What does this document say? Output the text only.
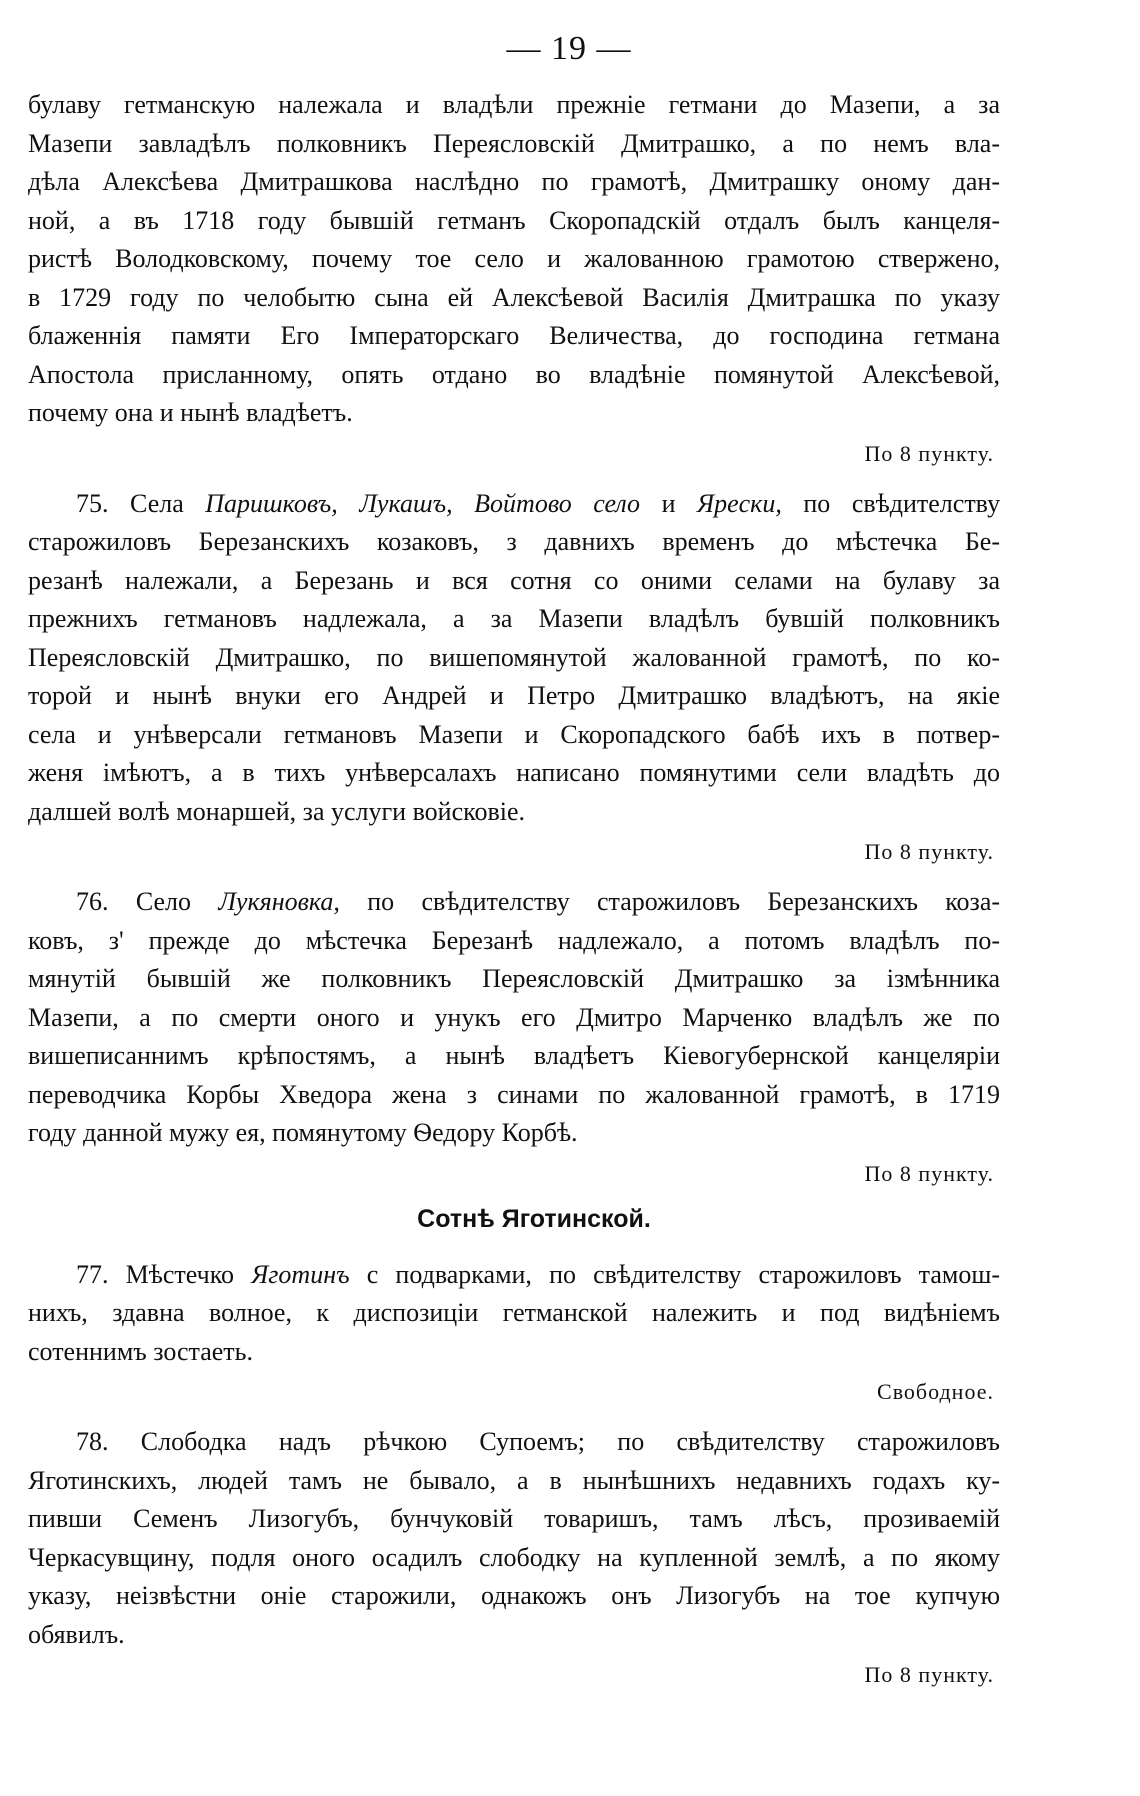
— 19 —
булаву гетманскую належала и владѣли прежніе гетмани до Мазепи, а за
Мазепи завладѣлъ полковникъ Переясловскій Дмитрашко, а по немъ вла-
дѣла Алексѣева Дмитрашкова наслѣдно по грамотѣ, Дмитрашку оному дан-
ной, а въ 1718 году бывшій гетманъ Скоропадскій отдалъ былъ канцеля-
ристѣ Володковскому, почему тое село и жалованною грамотою стверженo,
в 1729 году по челобытю сына ей Алексѣевой Василія Дмитрашка по указу
блаженнія памяти Его Імператорскаго Величества, до господина гетмана
Апостола присланному, опять отдано во владѣніе помянутой Алексѣевой,
почему она и нынѣ владѣетъ.
По 8 пункту.
75. Села Паришковъ, Лукашъ, Войтово село и Яреcки, по свѣдителству
старожиловъ Березанскихъ козаковъ, з давнихъ временъ до мѣстечка Бе-
резанѣ належали, а Березань и вся сотня со оними селами на булаву за
прежнихъ гетмановъ надлежала, а за Мазепи владѣлъ бувшій полковникъ
Переясловскій Дмитрашко, по вишепомянутой жалованной грамотѣ, по ко-
торой и нынѣ внуки его Андрей и Петро Дмитрашко владѣютъ, на якіе
села и унѣверсали гетмановъ Мазепи и Скоропадского бабѣ ихъ в потвер-
женя імѣютъ, а в тихъ унѣверсалахъ написано помянутими сели владѣть до
далшей волѣ монаршей, за услуги войсковіе.
По 8 пункту.
76. Село Лукяновка, по свѣдителству старожиловъ Березанскихъ коза-
ковъ, з' прежде до мѣстечка Березанѣ надлежало, а потомъ владѣлъ по-
мянутій бывшій же полковникъ Переясловскій Дмитрашко за ізмѣнника
Мазепи, а по смерти оного и унукъ его Дмитро Марченко владѣлъ же по
вишеписаннимъ крѣпостямъ, а нынѣ владѣетъ Кіевогубернской канцеляріи
переводчика Корбы Хведора жена з синами по жалованной грамотѣ, в 1719
году данной мужу ея, помянутому Ѳедору Корбѣ.
По 8 пункту.
Сотнѣ Яготинской.
77. Мѣстечко Яготинъ с подварками, по свѣдителству старожиловъ тамош-
нихъ, здавна волное, к диспозицiи гетманской належить и под видѣніемъ
сотеннимъ зостаеть.
Свободное.
78. Слободка надъ рѣчкою Супоемъ; по свѣдителству старожиловъ
Яготинскихъ, людей тамъ не бывало, а в нынѣшнихъ недавнихъ годахъ ку-
пивши Семенъ Лизогубъ, бунчуковій товаришъ, тамъ лѣсъ, прозиваемій
Черкасувщину, подля оного осадилъ слободку на купленной землѣ, а по якому
указу, неізвѣстни оніе старожили, однакожъ онъ Лизогубъ на тое купчую
обявилъ.
По 8 пункту.
